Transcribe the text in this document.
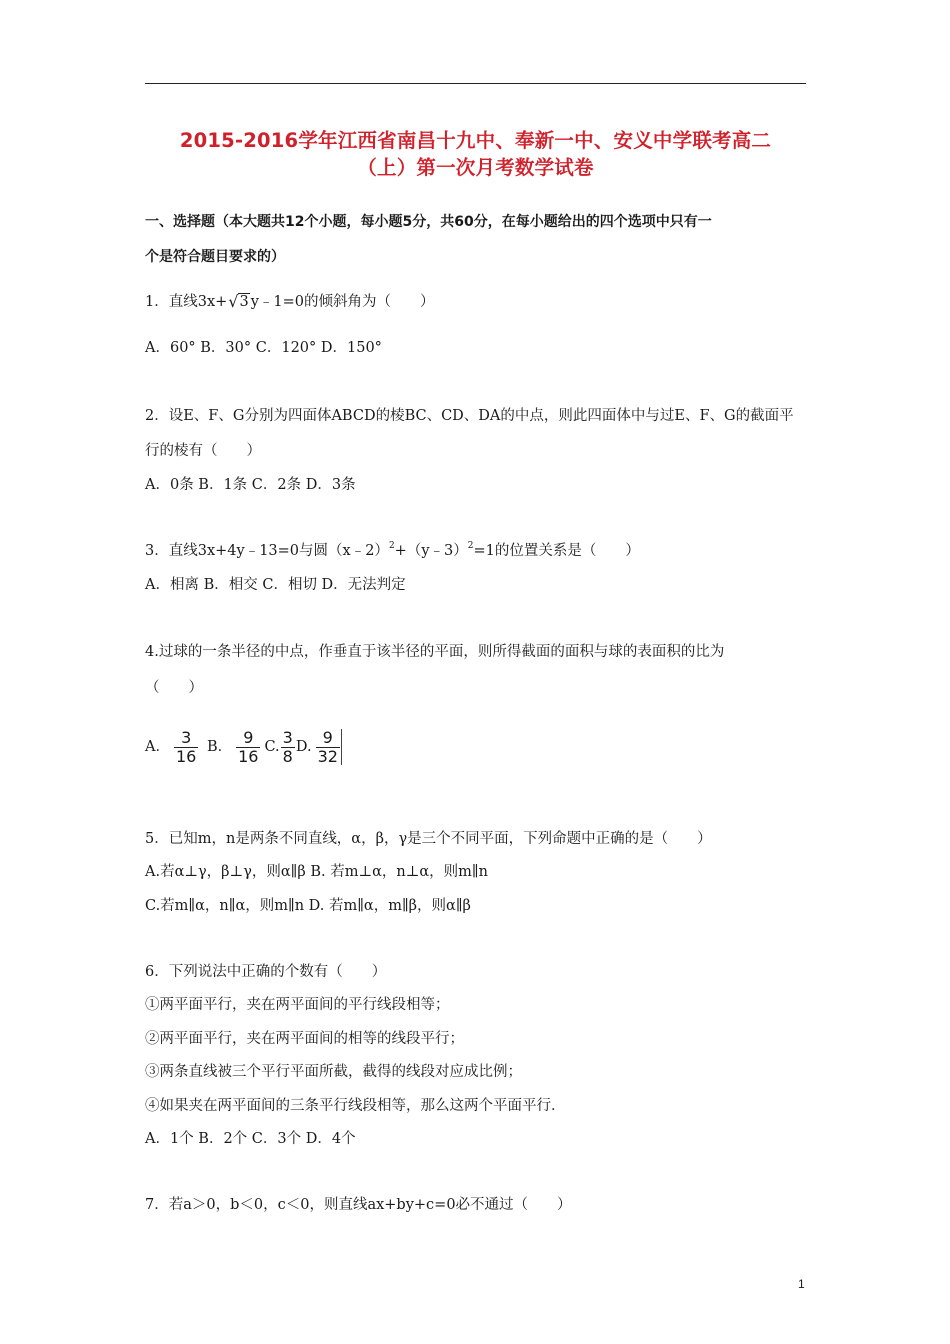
2015-2016学年江西省南昌十九中、奉新一中、安义中学联考高二
（上）第一次月考数学试卷
一、选择题（本大题共12个小题，每小题5分，共60分，在每小题给出的四个选项中只有一
个是符合题目要求的）
1．直线3x+√3 y﹣1=0的倾斜角为（　　）
A．60° B．30° C．120° D．150°
2．设E、F、G分别为四面体ABCD的棱BC、CD、DA的中点，则此四面体中与过E、F、G的截面平
行的棱有（　　）
A．0条 B．1条 C．2条 D．3条
3．直线3x+4y﹣13=0与圆（x﹣2）$^2$+（y﹣3）$^2$=1的位置关系是（　　）
A．相离 B．相交 C．相切 D．无法判定
4.过球的一条半径的中点，作垂直于该半径的平面，则所得截面的面积与球的表面积的比为
（　　）
A． $\frac{3}{16}$ B． $\frac{9}{16} C$. $\frac{3}{8} D$. $\frac{9}{32}$
5．已知m，n是两条不同直线，α，β，γ是三个不同平面，下列命题中正确的是（　　）
A.若α⊥γ，β⊥γ，则α∥β B. 若m⊥α，n⊥α，则m∥n
C.若m∥α，n∥α，则m∥n D. 若m∥α，m∥β，则α∥β
6．下列说法中正确的个数有（　　）
①两平面平行，夹在两平面间的平行线段相等；
②两平面平行，夹在两平面间的相等的线段平行；
③两条直线被三个平行平面所截，截得的线段对应成比例；
④如果夹在两平面间的三条平行线段相等，那么这两个平面平行．
A．1个 B．2个 C．3个 D．4个
7．若a＞0，b＜0，c＜0，则直线ax+by+c=0必不通过（　　）
1
